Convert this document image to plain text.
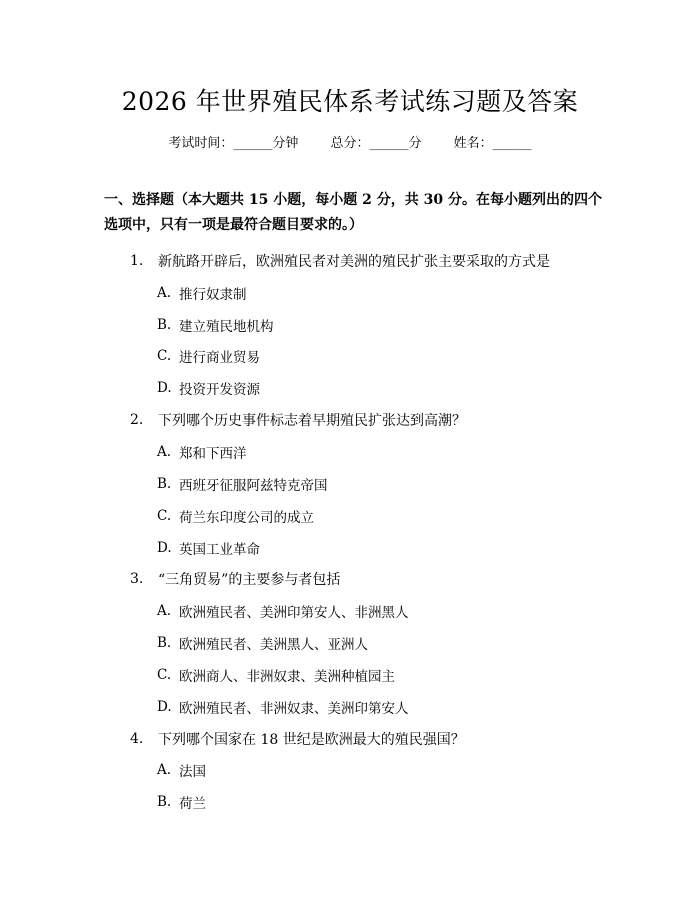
2026 年世界殖民体系考试练习题及答案
考试时间：______分钟 总分：______分 姓名：______

一、选择题（本大题共 15 小题，每小题 2 分，共 30 分。在每小题列出的四个选项中，只有一项是最符合题目要求的。）

1.	新航路开辟后，欧洲殖民者对美洲的殖民扩张主要采取的方式是
A. 推行奴隶制
B. 建立殖民地机构
C. 进行商业贸易
D. 投资开发资源
2.	下列哪个历史事件标志着早期殖民扩张达到高潮？
A. 郑和下西洋
B. 西班牙征服阿兹特克帝国
C. 荷兰东印度公司的成立
D. 英国工业革命
3.	“三角贸易”的主要参与者包括
A. 欧洲殖民者、美洲印第安人、非洲黑人
B. 欧洲殖民者、美洲黑人、亚洲人
C. 欧洲商人、非洲奴隶、美洲种植园主
D. 欧洲殖民者、非洲奴隶、美洲印第安人
4.	下列哪个国家在 18 世纪是欧洲最大的殖民强国？
A. 法国
B. 荷兰
